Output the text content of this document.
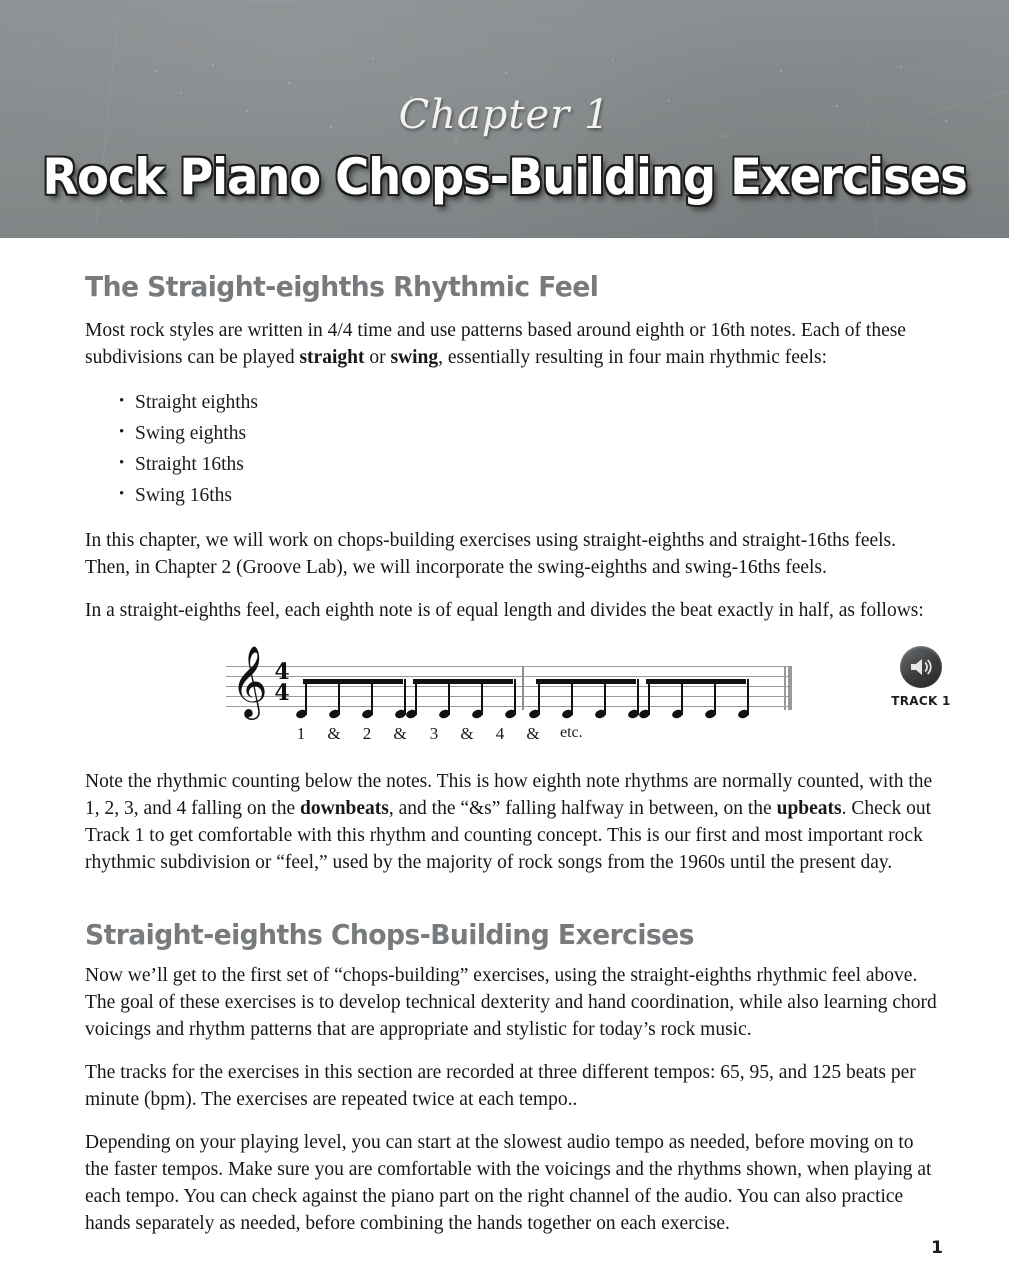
Chapter 1
Rock Piano Chops-Building Exercises
The Straight-eighths Rhythmic Feel

Most rock styles are written in 4/4 time and use patterns based around eighth or 16th notes. Each of these subdivisions can be played straight or swing, essentially resulting in four main rhythmic feels:

• Straight eighths
• Swing eighths
• Straight 16ths
• Swing 16ths

In this chapter, we will work on chops-building exercises using straight-eighths and straight-16ths feels. Then, in Chapter 2 (Groove Lab), we will incorporate the swing-eighths and swing-16ths feels.

In a straight-eighths feel, each eighth note is of equal length and divides the beat exactly in half, as follows:

𝄞 4
4
1	&	2	&	3	&	4	& etc.
TRACK 1

Note the rhythmic counting below the notes. This is how eighth note rhythms are normally counted, with the 1, 2, 3, and 4 falling on the downbeats, and the “&s” falling halfway in between, on the upbeats. Check out Track 1 to get comfortable with this rhythm and counting concept. This is our first and most important rock rhythmic subdivision or “feel,” used by the majority of rock songs from the 1960s until the present day.

Straight-eighths Chops-Building Exercises

Now we’ll get to the first set of “chops-building” exercises, using the straight-eighths rhythmic feel above. The goal of these exercises is to develop technical dexterity and hand coordination, while also learning chord voicings and rhythm patterns that are appropriate and stylistic for today’s rock music.

The tracks for the exercises in this section are recorded at three different tempos: 65, 95, and 125 beats per minute (bpm). The exercises are repeated twice at each tempo..

Depending on your playing level, you can start at the slowest audio tempo as needed, before moving on to the faster tempos. Make sure you are comfortable with the voicings and the rhythms shown, when playing at each tempo. You can check against the piano part on the right channel of the audio. You can also practice hands separately as needed, before combining the hands together on each exercise.

1
